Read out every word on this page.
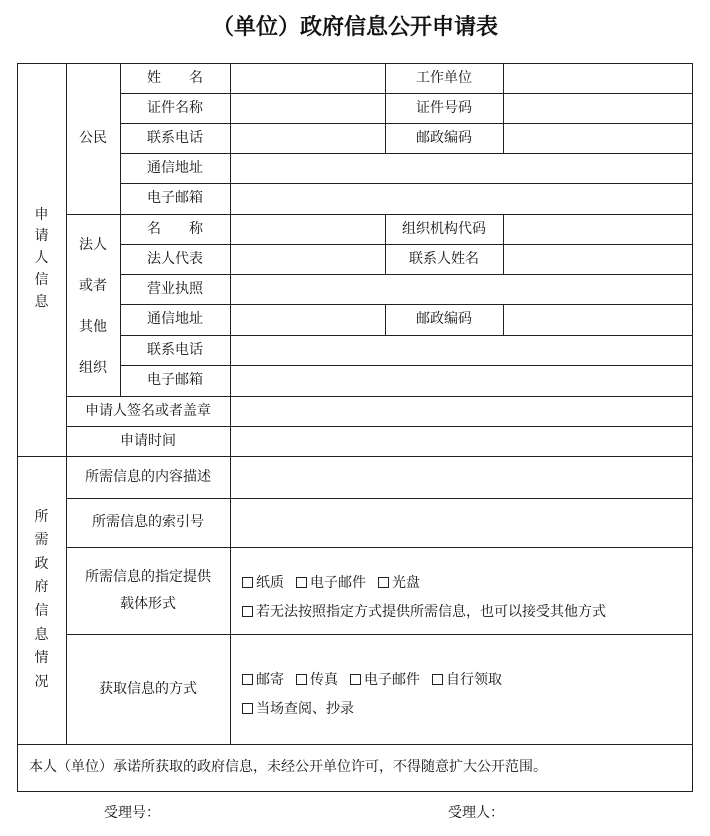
（单位）政府信息公开申请表
申
请
人
信
息
所
需
政
府
信
息
情
况
公民
姓　　名	工作单位
证件名称	证件号码
联系电话	邮政编码
通信地址
电子邮箱
法人
或者
其他
组织
名　　称	组织机构代码
法人代表	联系人姓名
营业执照
通信地址	邮政编码
联系电话
电子邮箱
申请人签名或者盖章
申请时间
所需信息的内容描述
所需信息的索引号
所需信息的指定提供
载体形式
纸质 电子邮件 光盘
若无法按照指定方式提供所需信息，也可以接受其他方式
获取信息的方式
邮寄 传真 电子邮件 自行领取
当场查阅、抄录
本人（单位）承诺所获取的政府信息，未经公开单位许可，不得随意扩大公开范围。
受理号：	受理人：
